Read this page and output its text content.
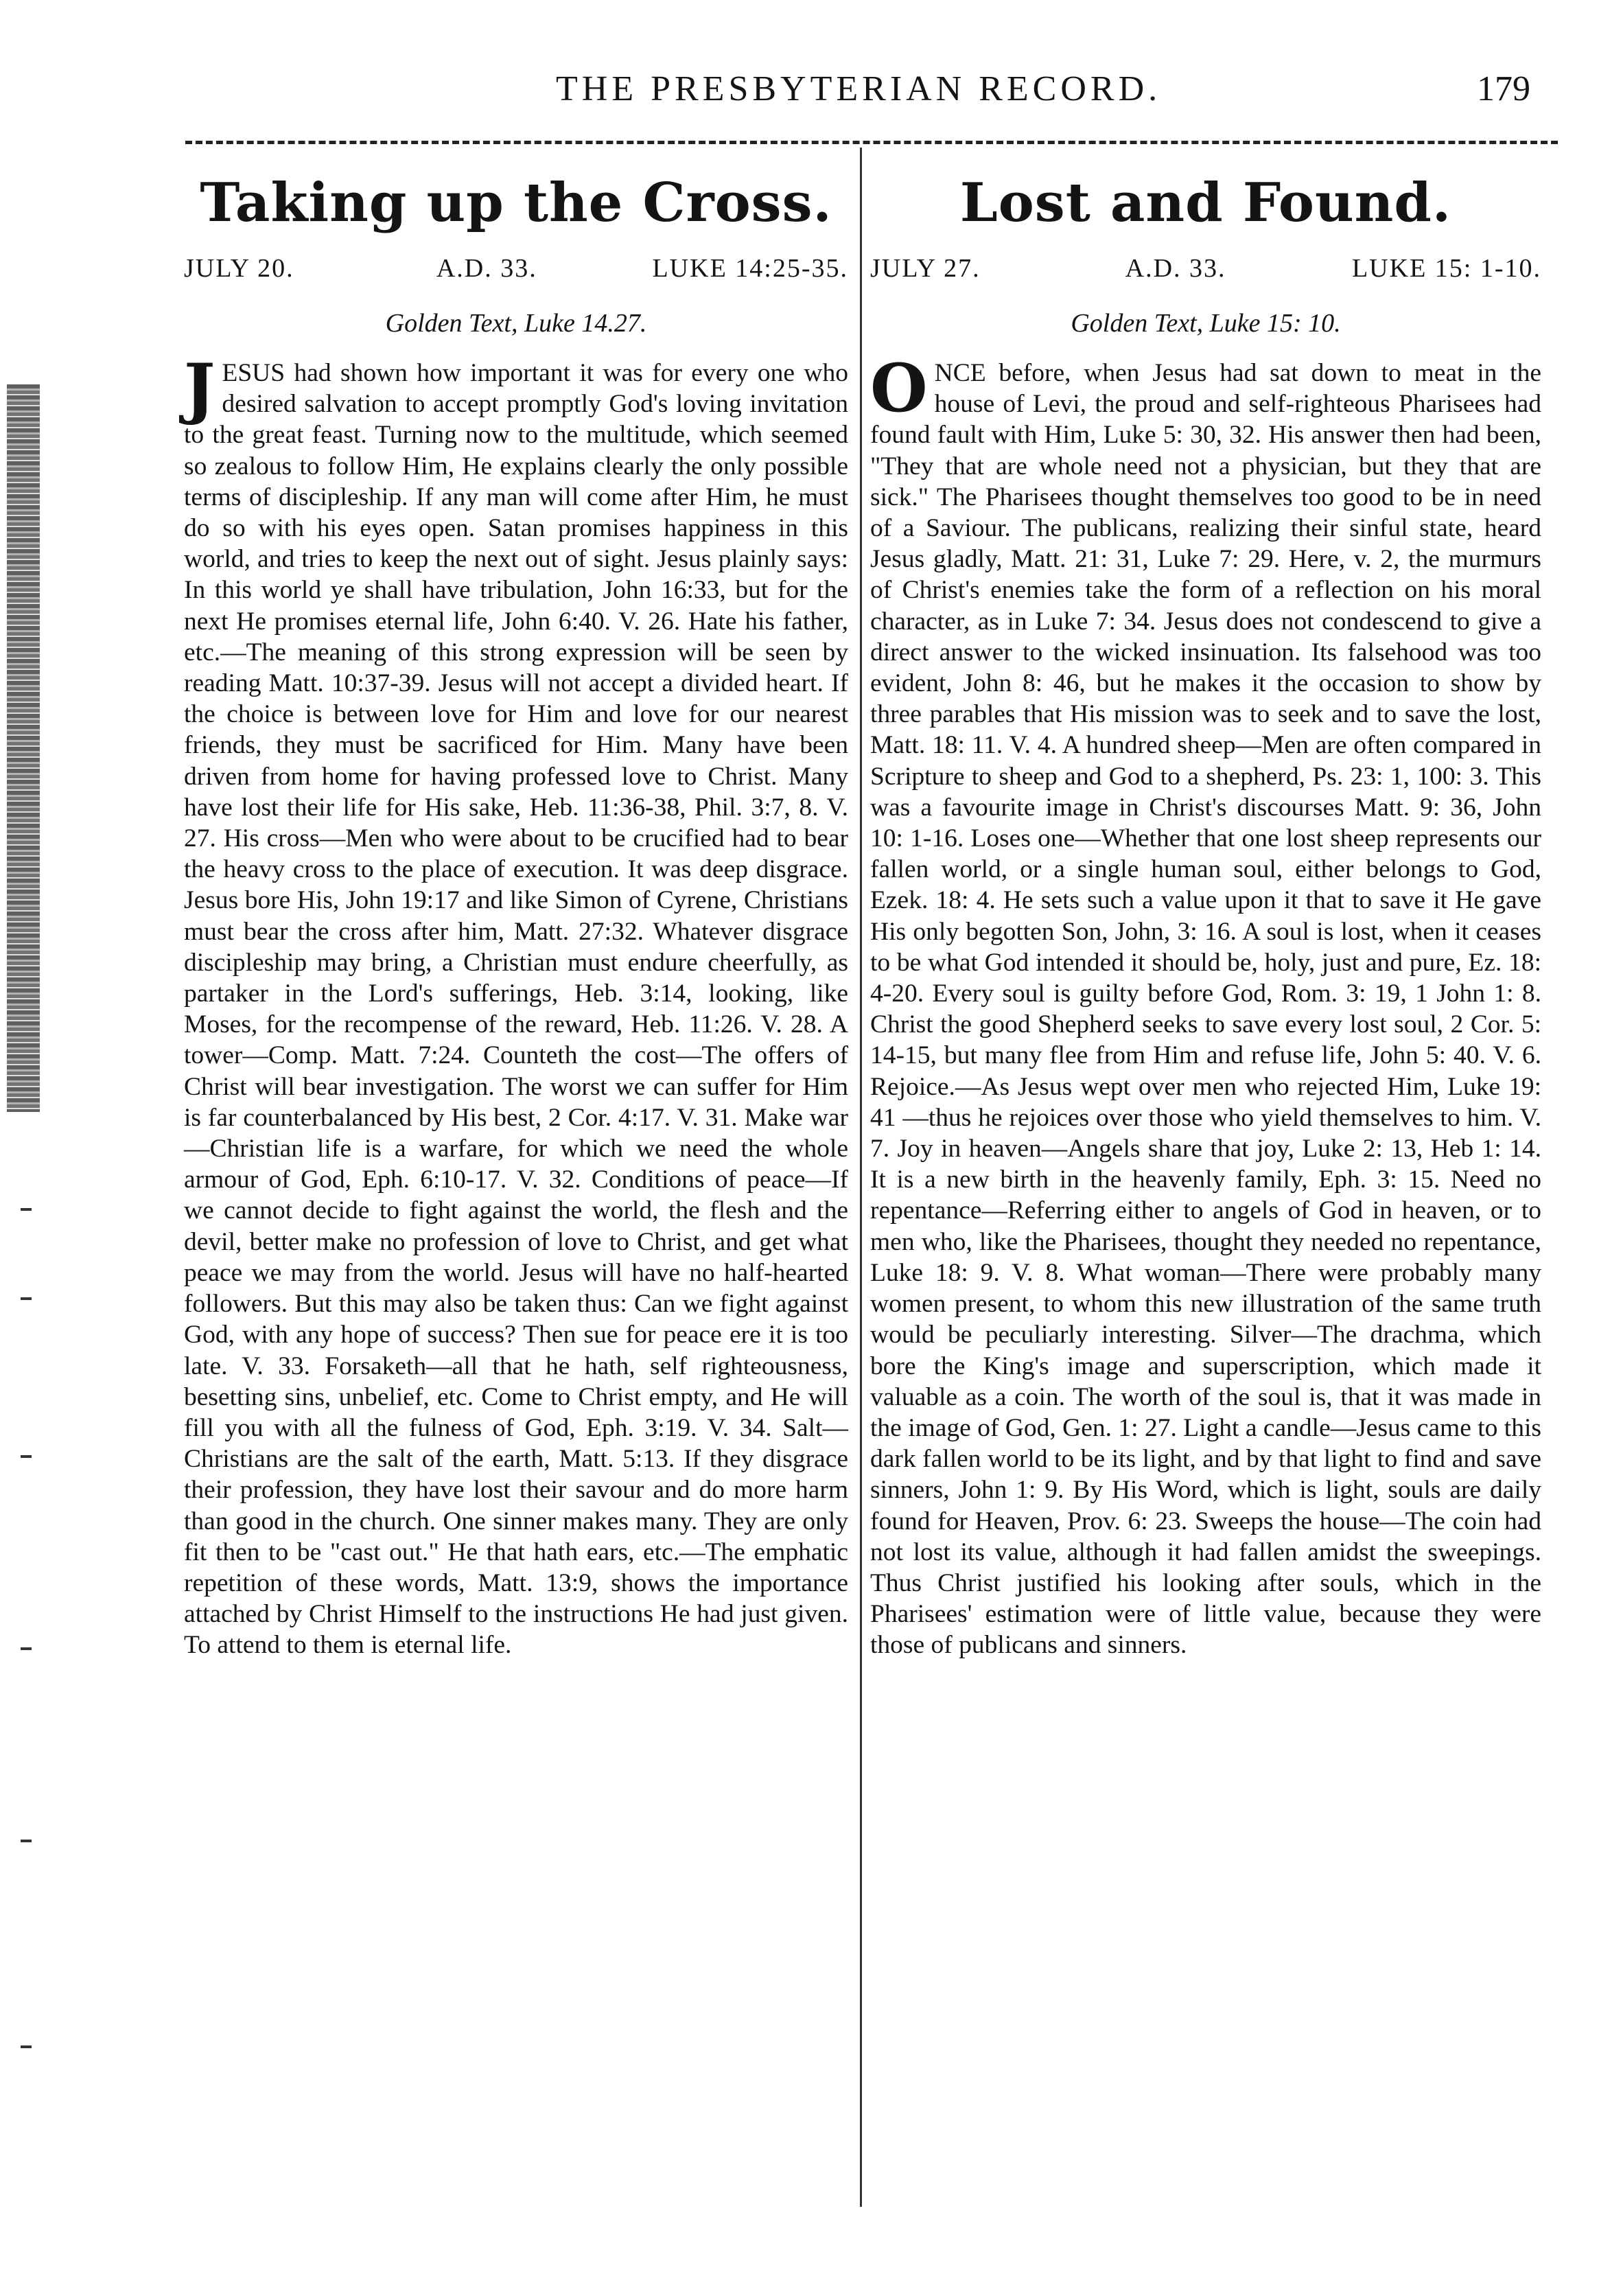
THE PRESBYTERIAN RECORD.	179
Taking up the Cross.
JULY 20.	A.D. 33.	LUKE 14:25-35.
Golden Text, Luke 14.27.

JESUS had shown how important it was for every one who desired salvation to accept promptly God's loving invitation to the great feast. Turning now to the multitude, which seemed so zealous to follow Him, He explains clearly the only possible terms of discipleship. If any man will come after Him, he must do so with his eyes open. Satan promises happiness in this world, and tries to keep the next out of sight. Jesus plainly says: In this world ye shall have tribulation, John 16:33, but for the next He promises eternal life, John 6:40. V. 26. Hate his father, etc.—The meaning of this strong expression will be seen by reading Matt. 10:37-39. Jesus will not accept a divided heart. If the choice is between love for Him and love for our nearest friends, they must be sacrificed for Him. Many have been driven from home for having professed love to Christ. Many have lost their life for His sake, Heb. 11:36-38, Phil. 3:7, 8. V. 27. His cross—Men who were about to be crucified had to bear the heavy cross to the place of execution. It was deep disgrace. Jesus bore His, John 19:17 and like Simon of Cyrene, Christians must bear the cross after him, Matt. 27:32. Whatever disgrace discipleship may bring, a Christian must endure cheerfully, as partaker in the Lord's sufferings, Heb. 3:14, looking, like Moses, for the recompense of the reward, Heb. 11:26. V. 28. A tower—Comp. Matt. 7:24. Counteth the cost—The offers of Christ will bear investigation. The worst we can suffer for Him is far counterbalanced by His best, 2 Cor. 4:17. V. 31. Make war—Christian life is a warfare, for which we need the whole armour of God, Eph. 6:10-17. V. 32. Conditions of peace—If we cannot decide to fight against the world, the flesh and the devil, better make no profession of love to Christ, and get what peace we may from the world. Jesus will have no half-hearted followers. But this may also be taken thus: Can we fight against God, with any hope of success? Then sue for peace ere it is too late. V. 33. Forsaketh—all that he hath, self righteousness, besetting sins, unbelief, etc. Come to Christ empty, and He will fill you with all the fulness of God, Eph. 3:19. V. 34. Salt—Christians are the salt of the earth, Matt. 5:13. If they disgrace their profession, they have lost their savour and do more harm than good in the church. One sinner makes many. They are only fit then to be "cast out." He that hath ears, etc.—The emphatic repetition of these words, Matt. 13:9, shows the importance attached by Christ Himself to the instructions He had just given. To attend to them is eternal life.

Lost and Found.
JULY 27.	A.D. 33.	LUKE 15: 1-10.
Golden Text, Luke 15: 10.

ONCE before, when Jesus had sat down to meat in the house of Levi, the proud and self-righteous Pharisees had found fault with Him, Luke 5: 30, 32. His answer then had been, "They that are whole need not a physician, but they that are sick." The Pharisees thought themselves too good to be in need of a Saviour. The publicans, realizing their sinful state, heard Jesus gladly, Matt. 21: 31, Luke 7: 29. Here, v. 2, the murmurs of Christ's enemies take the form of a reflection on his moral character, as in Luke 7: 34. Jesus does not condescend to give a direct answer to the wicked insinuation. Its falsehood was too evident, John 8: 46, but he makes it the occasion to show by three parables that His mission was to seek and to save the lost, Matt. 18: 11. V. 4. A hundred sheep—Men are often compared in Scripture to sheep and God to a shepherd, Ps. 23: 1, 100: 3. This was a favourite image in Christ's discourses Matt. 9: 36, John 10: 1-16. Loses one—Whether that one lost sheep represents our fallen world, or a single human soul, either belongs to God, Ezek. 18: 4. He sets such a value upon it that to save it He gave His only begotten Son, John, 3: 16. A soul is lost, when it ceases to be what God intended it should be, holy, just and pure, Ez. 18: 4-20. Every soul is guilty before God, Rom. 3: 19, 1 John 1: 8. Christ the good Shepherd seeks to save every lost soul, 2 Cor. 5: 14-15, but many flee from Him and refuse life, John 5: 40. V. 6. Rejoice.—As Jesus wept over men who rejected Him, Luke 19: 41 —thus he rejoices over those who yield themselves to him. V. 7. Joy in heaven—Angels share that joy, Luke 2: 13, Heb 1: 14. It is a new birth in the heavenly family, Eph. 3: 15. Need no repentance—Referring either to angels of God in heaven, or to men who, like the Pharisees, thought they needed no repentance, Luke 18: 9. V. 8. What woman—There were probably many women present, to whom this new illustration of the same truth would be peculiarly interesting. Silver—The drachma, which bore the King's image and superscription, which made it valuable as a coin. The worth of the soul is, that it was made in the image of God, Gen. 1: 27. Light a candle—Jesus came to this dark fallen world to be its light, and by that light to find and save sinners, John 1: 9. By His Word, which is light, souls are daily found for Heaven, Prov. 6: 23. Sweeps the house—The coin had not lost its value, although it had fallen amidst the sweepings. Thus Christ justified his looking after souls, which in the Pharisees' estimation were of little value, because they were those of publicans and sinners.
